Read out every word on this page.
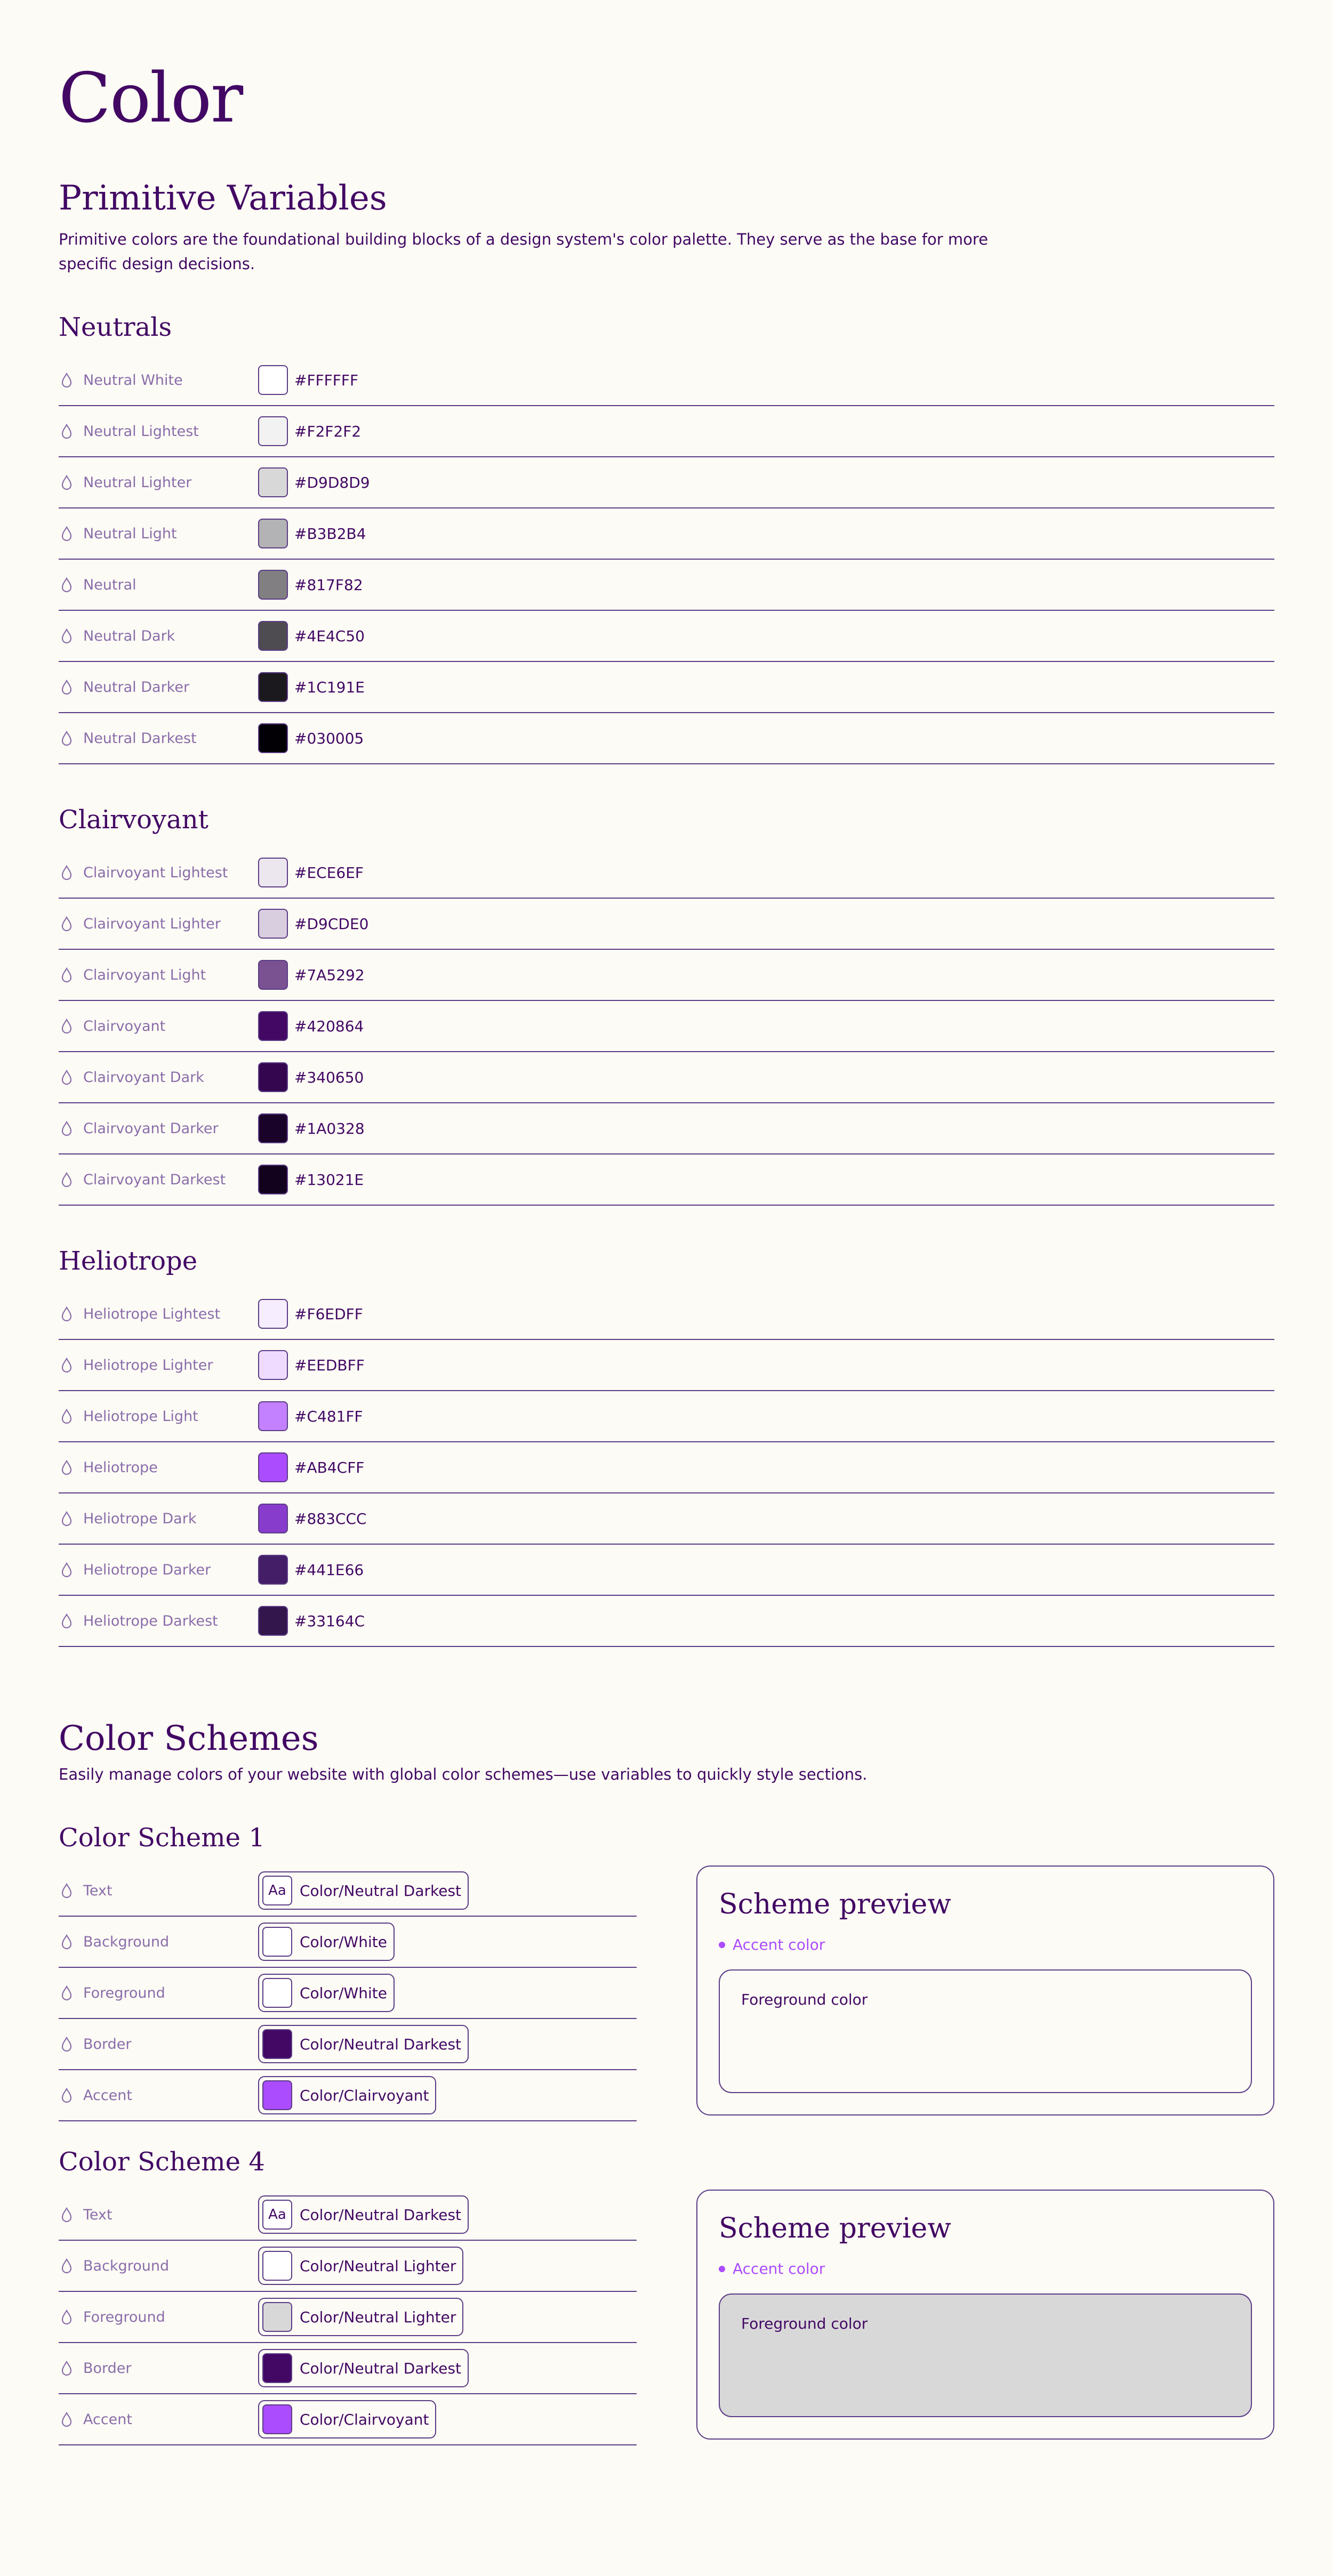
Color
Primitive Variables

Primitive colors are the foundational building blocks of a design system's color palette. They serve as the base for more specific design decisions.

Neutrals
Neutral White	#FFFFFF
Neutral Lightest	#F2F2F2
Neutral Lighter	#D9D8D9
Neutral Light	#B3B2B4
Neutral	#817F82
Neutral Dark	#4E4C50
Neutral Darker	#1C191E
Neutral Darkest	#030005
Clairvoyant
Clairvoyant Lightest	#ECE6EF
Clairvoyant Lighter	#D9CDE0
Clairvoyant Light	#7A5292
Clairvoyant	#420864
Clairvoyant Dark	#340650
Clairvoyant Darker	#1A0328
Clairvoyant Darkest	#13021E
Heliotrope
Heliotrope Lightest	#F6EDFF
Heliotrope Lighter	#EEDBFF
Heliotrope Light	#C481FF
Heliotrope	#AB4CFF
Heliotrope Dark	#883CCC
Heliotrope Darker	#441E66
Heliotrope Darkest	#33164C
Color Schemes

Easily manage colors of your website with global color schemes—use variables to quickly style sections.

Color Scheme 1
Text	Aa Color/Neutral Darkest
Background	Color/White
Foreground	Color/White
Border	Color/Neutral Darkest
Accent	Color/Clairvoyant
Scheme preview
Accent color
Foreground color
Color Scheme 4
Text	Aa Color/Neutral Darkest
Background	Color/Neutral Lighter
Foreground	Color/Neutral Lighter
Border	Color/Neutral Darkest
Accent	Color/Clairvoyant
Scheme preview
Accent color
Foreground color
